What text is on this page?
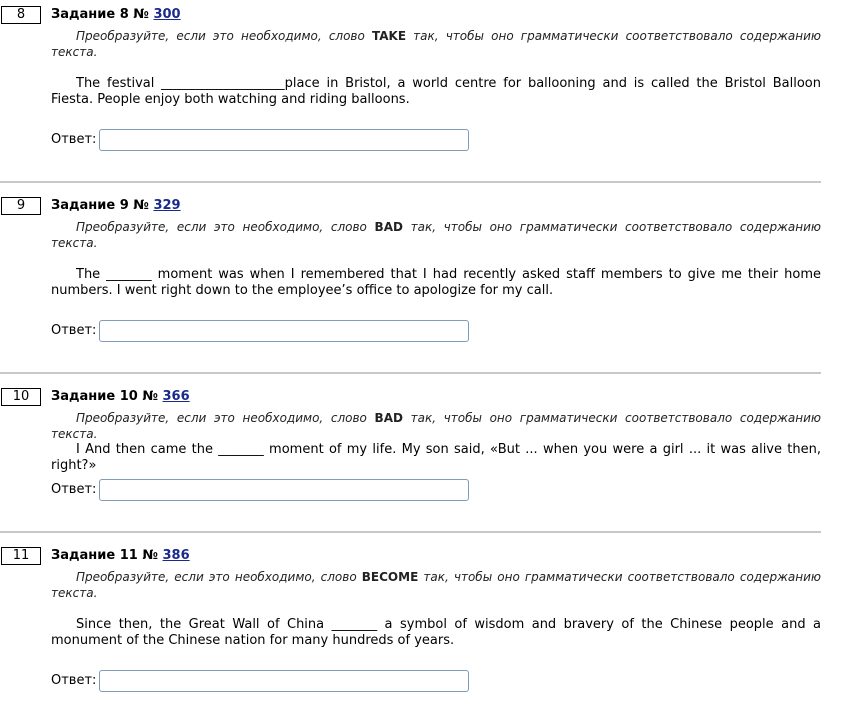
8	Задание 8 № 300
Преобразуйте, если это необходимо, слово TAKE так, чтобы оно грамматически соответствовало содержанию текста.
The festival ___________________place in Bristol, a world centre for ballooning and is called the Bristol Balloon Fiesta. People enjoy both watching and riding balloons.
Ответ:
9	Задание 9 № 329
Преобразуйте, если это необходимо, слово BAD так, чтобы оно грамматически соответствовало содержанию текста.
The _______ moment was when I remembered that I had recently asked staff members to give me their home numbers. I went right down to the employee’s office to apologize for my call.
Ответ:
10	Задание 10 № 366
Преобразуйте, если это необходимо, слово BAD так, чтобы оно грамматически соответствовало содержанию текста.
I And then came the _______ moment of my life. My son said, «But ... when you were a girl ... it was alive then, right?»
Ответ:
11	Задание 11 № 386
Преобразуйте, если это необходимо, слово BECOME так, чтобы оно грамматически соответствовало содержанию текста.
Since then, the Great Wall of China _______ a symbol of wisdom and bravery of the Chinese people and a monument of the Chinese nation for many hundreds of years.
Ответ:
